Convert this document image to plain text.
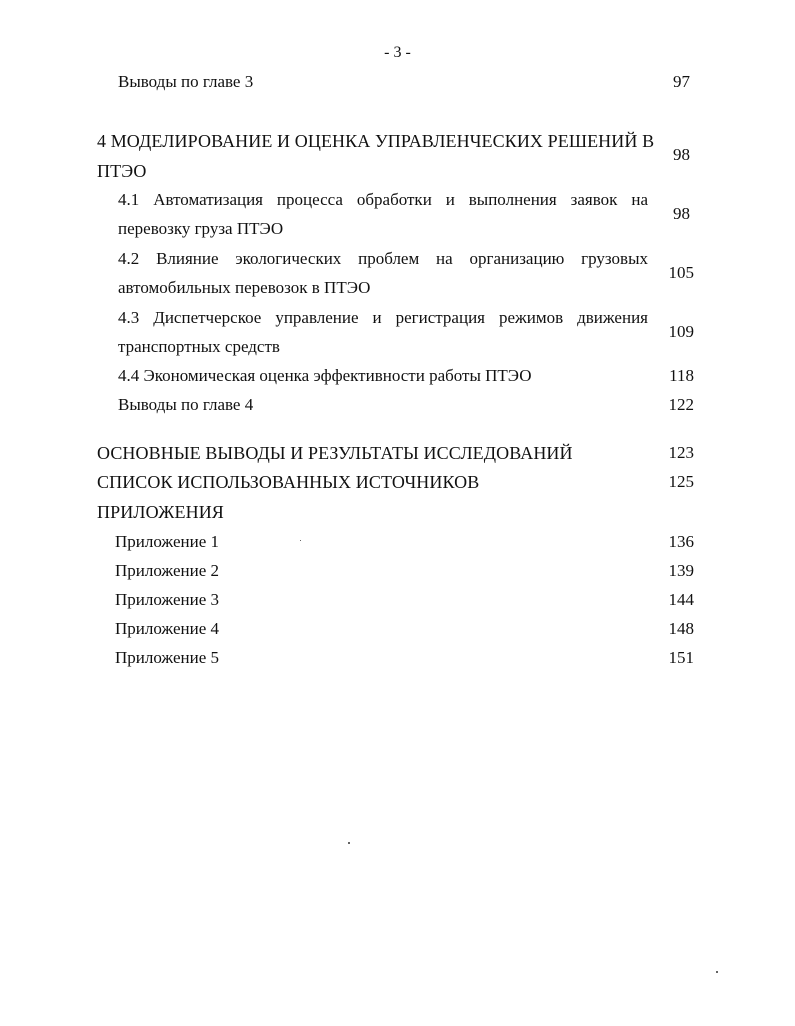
- 3 -
Выводы по главе 3	97
4 МОДЕЛИРОВАНИЕ И ОЦЕНКА УПРАВЛЕНЧЕСКИХ РЕШЕНИЙ В
ПТЭО
98
4.1 Автоматизация процесса обработки и выполнения заявок на
перевозку груза ПТЭО
98
4.2 Влияние экологических проблем на организацию грузовых
автомобильных перевозок в ПТЭО
105
4.3 Диспетчерское управление и регистрация режимов движения
транспортных средств
109
4.4 Экономическая оценка эффективности работы ПТЭО	118
Выводы по главе 4	122
ОСНОВНЫЕ ВЫВОДЫ И РЕЗУЛЬТАТЫ ИССЛЕДОВАНИЙ	123
СПИСОК ИСПОЛЬЗОВАННЫХ ИСТОЧНИКОВ	125
ПРИЛОЖЕНИЯ
Приложение 1	136
Приложение 2	139
Приложение 3	144
Приложение 4	148
Приложение 5	151
